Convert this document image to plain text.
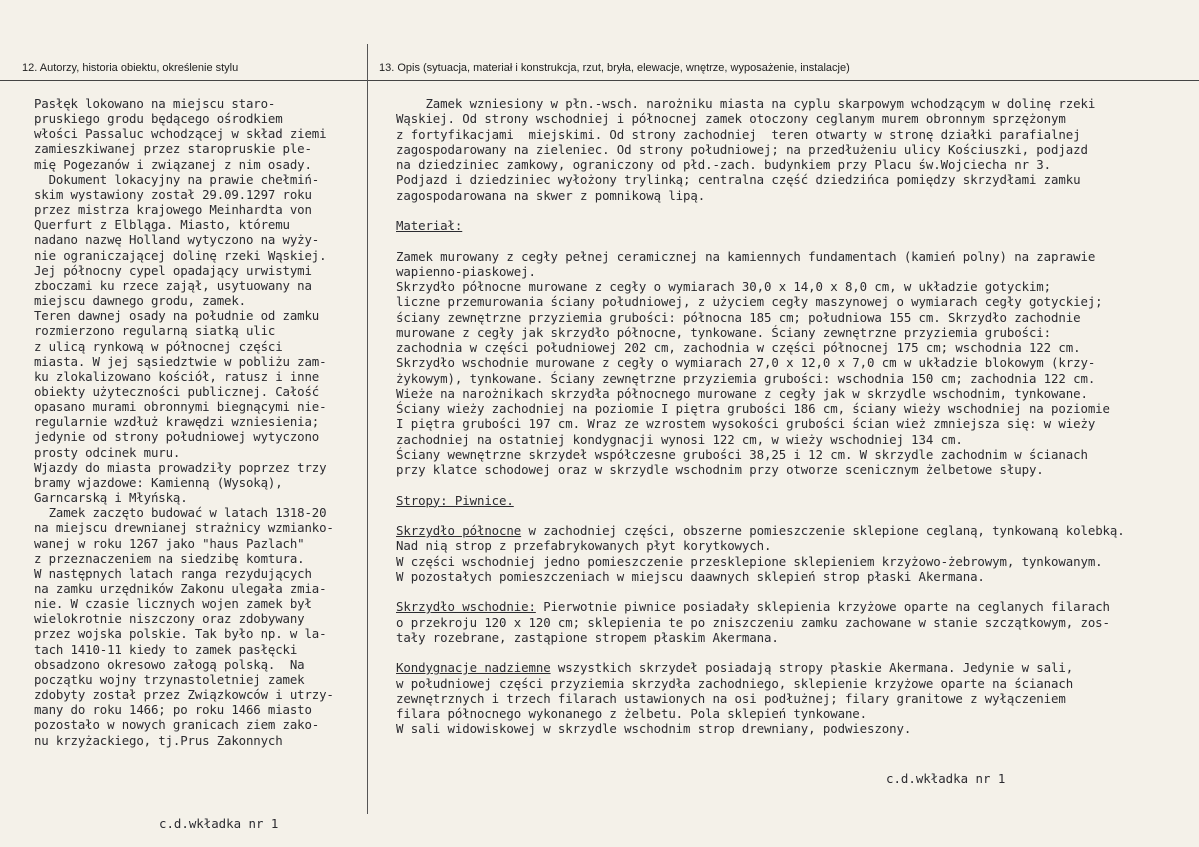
12. Autorzy, historia obiektu, określenie stylu	13. Opis (sytuacja, materiał i konstrukcja, rzut, bryła, elewacje, wnętrze, wyposażenie, instalacje)
Pasłęk lokowano na miejscu staro-
pruskiego grodu będącego ośrodkiem
włości Passaluc wchodzącej w skład ziemi
zamieszkiwanej przez staropruskie ple-
mię Pogezanów i związanej z nim osady.
Dokument lokacyjny na prawie chełmiń-
skim wystawiony został 29.09.1297 roku
przez mistrza krajowego Meinhardta von
Querfurt z Elbląga. Miasto, któremu
nadano nazwę Holland wytyczono na wyży-
nie ograniczającej dolinę rzeki Wąskiej.
Jej północny cypel opadający urwistymi
zboczami ku rzece zajął, usytuowany na
miejscu dawnego grodu, zamek.
Teren dawnej osady na południe od zamku
rozmierzono regularną siatką ulic
z ulicą rynkową w północnej części
miasta. W jej sąsiedztwie w pobliżu zam-
ku zlokalizowano kościół, ratusz i inne
obiekty użyteczności publicznej. Całość
opasano murami obronnymi biegnącymi nie-
regularnie wzdłuż krawędzi wzniesienia;
jedynie od strony południowej wytyczono
prosty odcinek muru.
Wjazdy do miasta prowadziły poprzez trzy
bramy wjazdowe: Kamienną (Wysoką),
Garncarską i Młyńską.
Zamek zaczęto budować w latach 1318-20
na miejscu drewnianej strażnicy wzmianko-
wanej w roku 1267 jako "haus Pazlach"
z przeznaczeniem na siedzibę komtura.
W następnych latach ranga rezydujących
na zamku urzędników Zakonu ulegała zmia-
nie. W czasie licznych wojen zamek był
wielokrotnie niszczony oraz zdobywany
przez wojska polskie. Tak było np. w la-
tach 1410-11 kiedy to zamek pasłęcki
obsadzono okresowo załogą polską.  Na
początku wojny trzynastoletniej zamek
zdobyty został przez Związkowców i utrzy-
many do roku 1466; po roku 1466 miasto
pozostało w nowych granicach ziem zako-
nu krzyżackiego, tj.Prus Zakonnych
Zamek wzniesiony w płn.-wsch. narożniku miasta na cyplu skarpowym wchodzącym w dolinę rzeki
Wąskiej. Od strony wschodniej i północnej zamek otoczony ceglanym murem obronnym sprzężonym
z fortyfikacjami  miejskimi. Od strony zachodniej  teren otwarty w stronę działki parafialnej
zagospodarowany na zieleniec. Od strony południowej; na przedłużeniu ulicy Kościuszki, podjazd
na dziedziniec zamkowy, ograniczony od płd.-zach. budynkiem przy Placu św.Wojciecha nr 3.
Podjazd i dziedziniec wyłożony trylinką; centralna część dziedzińca pomiędzy skrzydłami zamku
zagospodarowana na skwer z pomnikową lipą.

Materiał:

Zamek murowany z cegły pełnej ceramicznej na kamiennych fundamentach (kamień polny) na zaprawie
wapienno-piaskowej.
Skrzydło północne murowane z cegły o wymiarach 30,0 x 14,0 x 8,0 cm, w układzie gotyckim;
liczne przemurowania ściany południowej, z użyciem cegły maszynowej o wymiarach cegły gotyckiej;
ściany zewnętrzne przyziemia grubości: północna 185 cm; południowa 155 cm. Skrzydło zachodnie
murowane z cegły jak skrzydło północne, tynkowane. Ściany zewnętrzne przyziemia grubości:
zachodnia w części południowej 202 cm, zachodnia w części północnej 175 cm; wschodnia 122 cm.
Skrzydło wschodnie murowane z cegły o wymiarach 27,0 x 12,0 x 7,0 cm w układzie blokowym (krzy-
żykowym), tynkowane. Ściany zewnętrzne przyziemia grubości: wschodnia 150 cm; zachodnia 122 cm.
Wieże na narożnikach skrzydła północnego murowane z cegły jak w skrzydle wschodnim, tynkowane.
Ściany wieży zachodniej na poziomie I piętra grubości 186 cm, ściany wieży wschodniej na poziomie
I piętra grubości 197 cm. Wraz ze wzrostem wysokości grubości ścian wież zmniejsza się: w wieży
zachodniej na ostatniej kondygnacji wynosi 122 cm, w wieży wschodniej 134 cm.
Ściany wewnętrzne skrzydeł współczesne grubości 38,25 i 12 cm. W skrzydle zachodnim w ścianach
przy klatce schodowej oraz w skrzydle wschodnim przy otworze scenicznym żelbetowe słupy.

Stropy: Piwnice.

Skrzydło północne w zachodniej części, obszerne pomieszczenie sklepione ceglaną, tynkowaną kolebką.
Nad nią strop z przefabrykowanych płyt korytkowych.
W części wschodniej jedno pomieszczenie przesklepione sklepieniem krzyżowo-żebrowym, tynkowanym.
W pozostałych pomieszczeniach w miejscu daawnych sklepień strop płaski Akermana.

Skrzydło wschodnie: Pierwotnie piwnice posiadały sklepienia krzyżowe oparte na ceglanych filarach
o przekroju 120 x 120 cm; sklepienia te po zniszczeniu zamku zachowane w stanie szczątkowym, zos-
tały rozebrane, zastąpione stropem płaskim Akermana.

Kondygnacje nadziemne wszystkich skrzydeł posiadają stropy płaskie Akermana. Jedynie w sali,
w południowej części przyziemia skrzydła zachodniego, sklepienie krzyżowe oparte na ścianach
zewnętrznych i trzech filarach ustawionych na osi podłużnej; filary granitowe z wyłączeniem
filara północnego wykonanego z żelbetu. Pola sklepień tynkowane.
W sali widowiskowej w skrzydle wschodnim strop drewniany, podwieszony.
c.d.wkładka nr 1
c.d.wkładka nr 1
